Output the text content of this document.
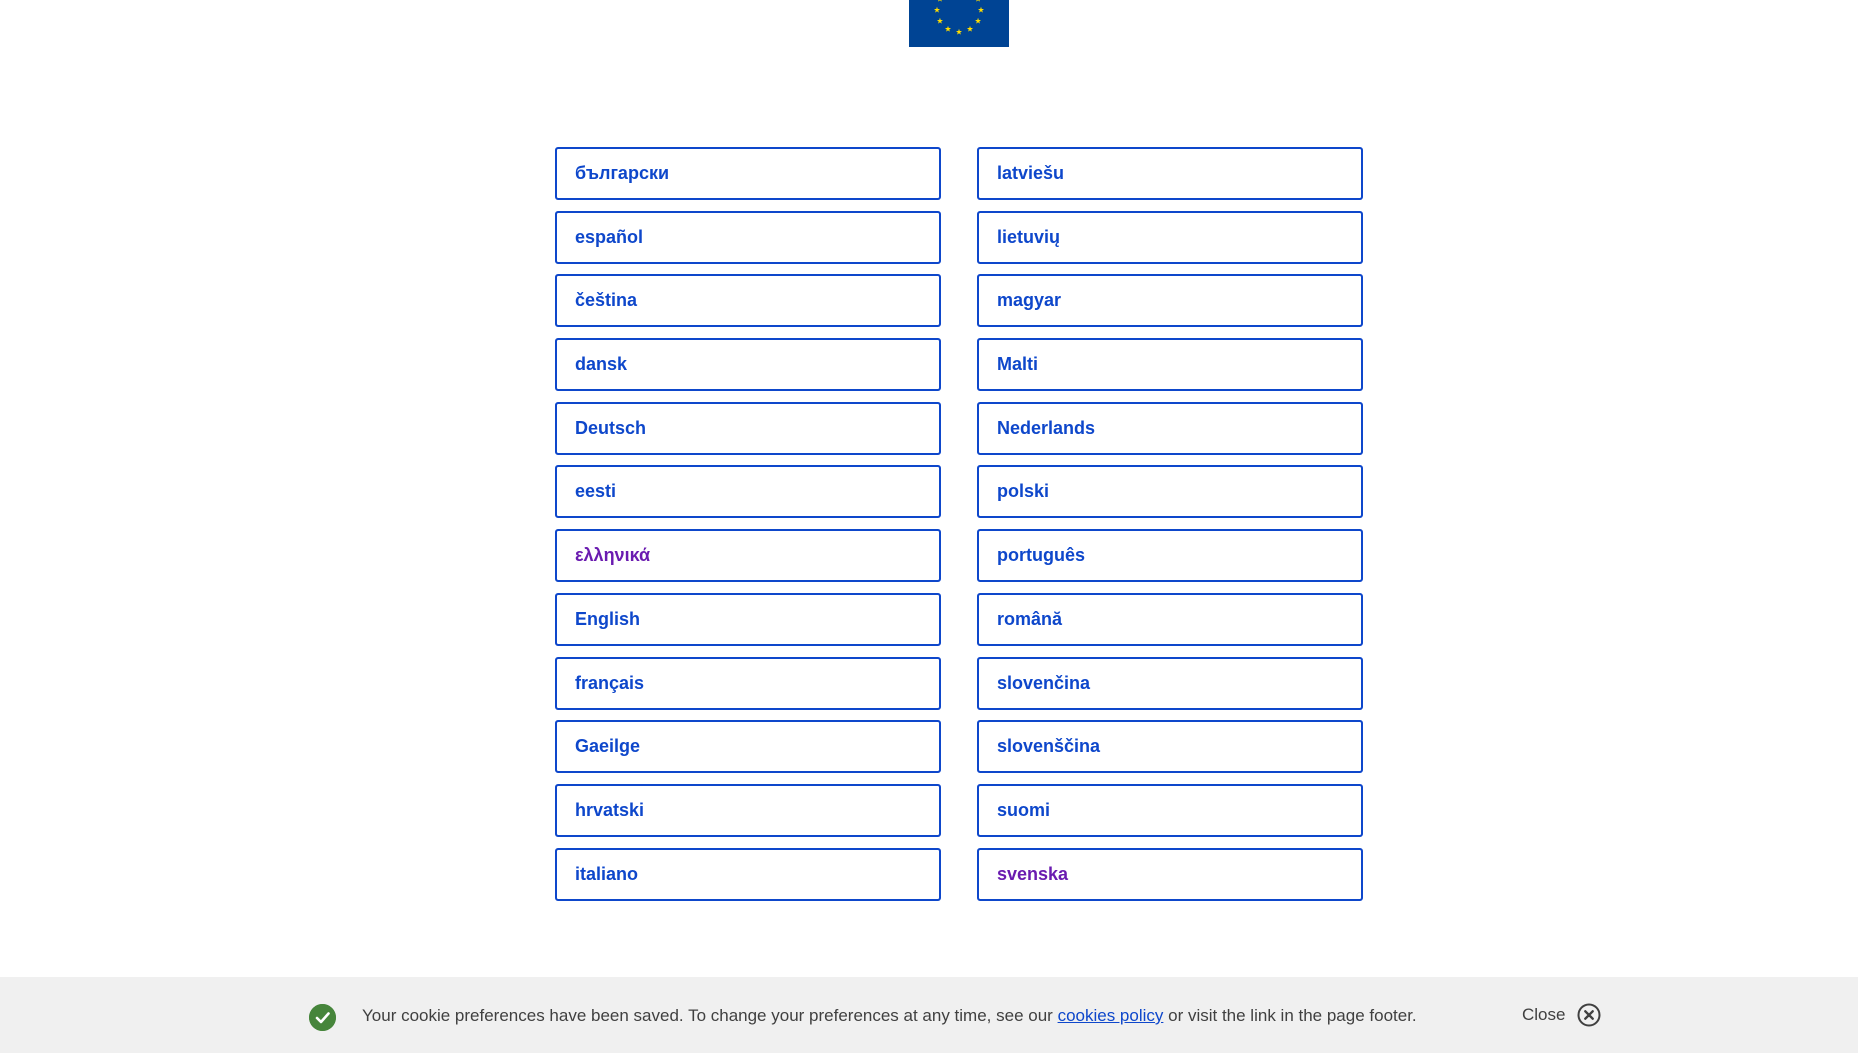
български
español
čeština
dansk
Deutsch
eesti
ελληνικά
English
français
Gaeilge
hrvatski
italiano
latviešu
lietuvių
magyar
Malti
Nederlands
polski
português
română
slovenčina
slovenščina
suomi
svenska
Your cookie preferences have been saved. To change your preferences at any time, see our cookies policy or visit the link in the page footer.	Close
